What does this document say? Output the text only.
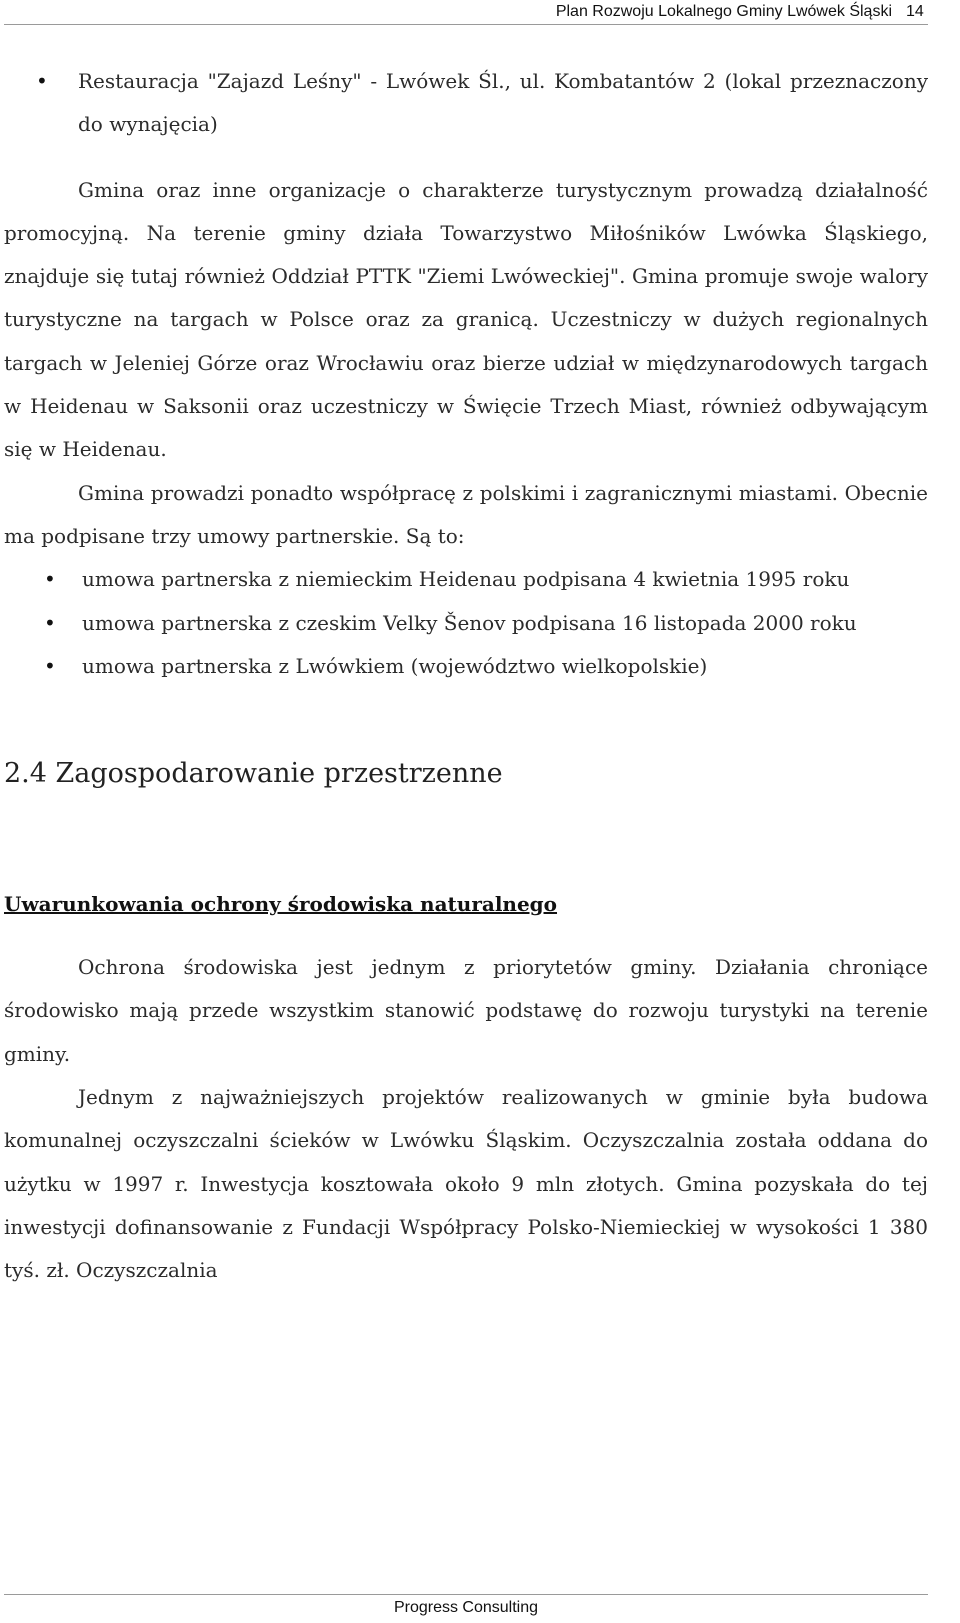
Plan Rozwoju Lokalnego Gminy Lwówek Śląski 14
• Restauracja "Zajazd Leśny" - Lwówek Śl., ul. Kombatantów 2 (lokal przeznaczony do wynajęcia)

Gmina oraz inne organizacje o charakterze turystycznym prowadzą działalność promocyjną. Na terenie gminy działa Towarzystwo Miłośników Lwówka Śląskiego, znajduje się tutaj również Oddział PTTK "Ziemi Lwóweckiej". Gmina promuje swoje walory turystyczne na targach w Polsce oraz za granicą. Uczestniczy w dużych regionalnych targach w Jeleniej Górze oraz Wrocławiu oraz bierze udział w międzynarodowych targach w Heidenau w Saksonii oraz uczestniczy w Święcie Trzech Miast, również odbywającym się w Heidenau.

Gmina prowadzi ponadto współpracę z polskimi i zagranicznymi miastami. Obecnie ma podpisane trzy umowy partnerskie. Są to:

• umowa partnerska z niemieckim Heidenau podpisana 4 kwietnia 1995 roku
• umowa partnerska z czeskim Velky Šenov podpisana 16 listopada 2000 roku
• umowa partnerska z Lwówkiem (województwo wielkopolskie)
2.4 Zagospodarowanie przestrzenne
Uwarunkowania ochrony środowiska naturalnego

Ochrona środowiska jest jednym z priorytetów gminy. Działania chroniące środowisko mają przede wszystkim stanowić podstawę do rozwoju turystyki na terenie gminy.

Jednym z najważniejszych projektów realizowanych w gminie była budowa komunalnej oczyszczalni ścieków w Lwówku Śląskim. Oczyszczalnia została oddana do użytku w 1997 r. Inwestycja kosztowała około 9 mln złotych. Gmina pozyskała do tej inwestycji dofinansowanie z Fundacji Współpracy Polsko-Niemieckiej w wysokości 1 380 tyś. zł. Oczyszczalnia

Progress Consulting
